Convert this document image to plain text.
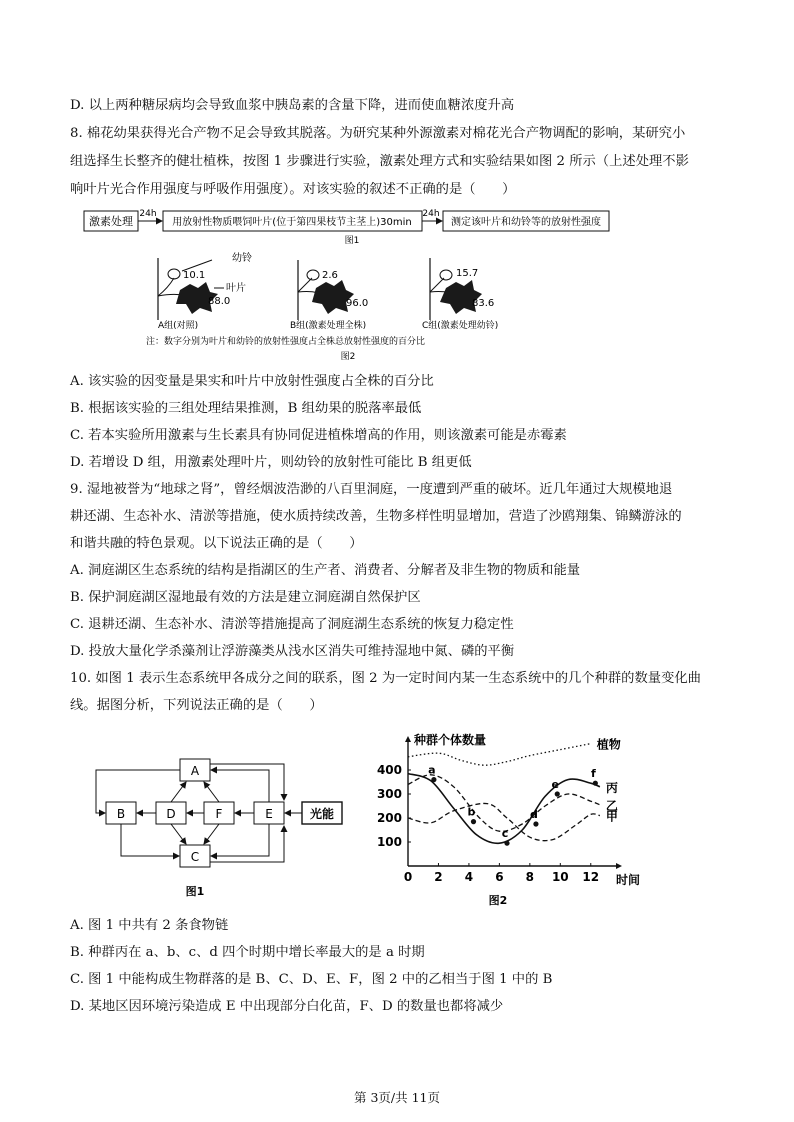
D. 以上两种糖尿病均会导致血浆中胰岛素的含量下降，进而使血糖浓度升高
8. 棉花幼果获得光合产物不足会导致其脱落。为研究某种外源激素对棉花光合产物调配的影响，某研究小
组选择生长整齐的健壮植株，按图 1 步骤进行实验，激素处理方式和实验结果如图 2 所示（上述处理不影
响叶片光合作用强度与呼吸作用强度）。对该实验的叙述不正确的是（　　）
激素处理
24h
用放射性物质喂饲叶片(位于第四果枝节主茎上)30min
24h
测定该叶片和幼铃等的放射性强度
图1
幼铃
10.1
叶片
88.0
A组(对照)
2.6
96.0
B组(激素处理全株)
15.7
83.6
C组(激素处理幼铃)
注：数字分别为叶片和幼铃的放射性强度占全株总放射性强度的百分比
图2
A. 该实验的因变量是果实和叶片中放射性强度占全株的百分比
B. 根据该实验的三组处理结果推测，B 组幼果的脱落率最低
C. 若本实验所用激素与生长素具有协同促进植株增高的作用，则该激素可能是赤霉素
D. 若增设 D 组，用激素处理叶片，则幼铃的放射性可能比 B 组更低
9. 湿地被誉为“地球之肾”，曾经烟波浩渺的八百里洞庭，一度遭到严重的破坏。近几年通过大规模地退
耕还湖、生态补水、清淤等措施，使水质持续改善，生物多样性明显增加，营造了沙鸥翔集、锦鳞游泳的
和谐共融的特色景观。以下说法正确的是（　　）
A. 洞庭湖区生态系统的结构是指湖区的生产者、消费者、分解者及非生物的物质和能量
B. 保护洞庭湖区湿地最有效的方法是建立洞庭湖自然保护区
C. 退耕还湖、生态补水、清淤等措施提高了洞庭湖生态系统的恢复力稳定性
D. 投放大量化学杀藻剂让浮游藻类从浅水区消失可维持湿地中氮、磷的平衡
10. 如图 1 表示生态系统甲各成分之间的联系，图 2 为一定时间内某一生态系统中的几个种群的数量变化曲
线。据图分析，下列说法正确的是（　　）
A
B	D	F	E
C
光能
图1
种群个体数量
时间
图2
0 2 4 6 8 10 12
400
300
200
100
植物
丙
乙
甲
a
b
c
d
e
f
A. 图 1 中共有 2 条食物链
B. 种群丙在 a、b、c、d 四个时期中增长率最大的是 a 时期
C. 图 1 中能构成生物群落的是 B、C、D、E、F，图 2 中的乙相当于图 1 中的 B
D. 某地区因环境污染造成 E 中出现部分白化苗，F、D 的数量也都将减少
第 3页/共 11页
